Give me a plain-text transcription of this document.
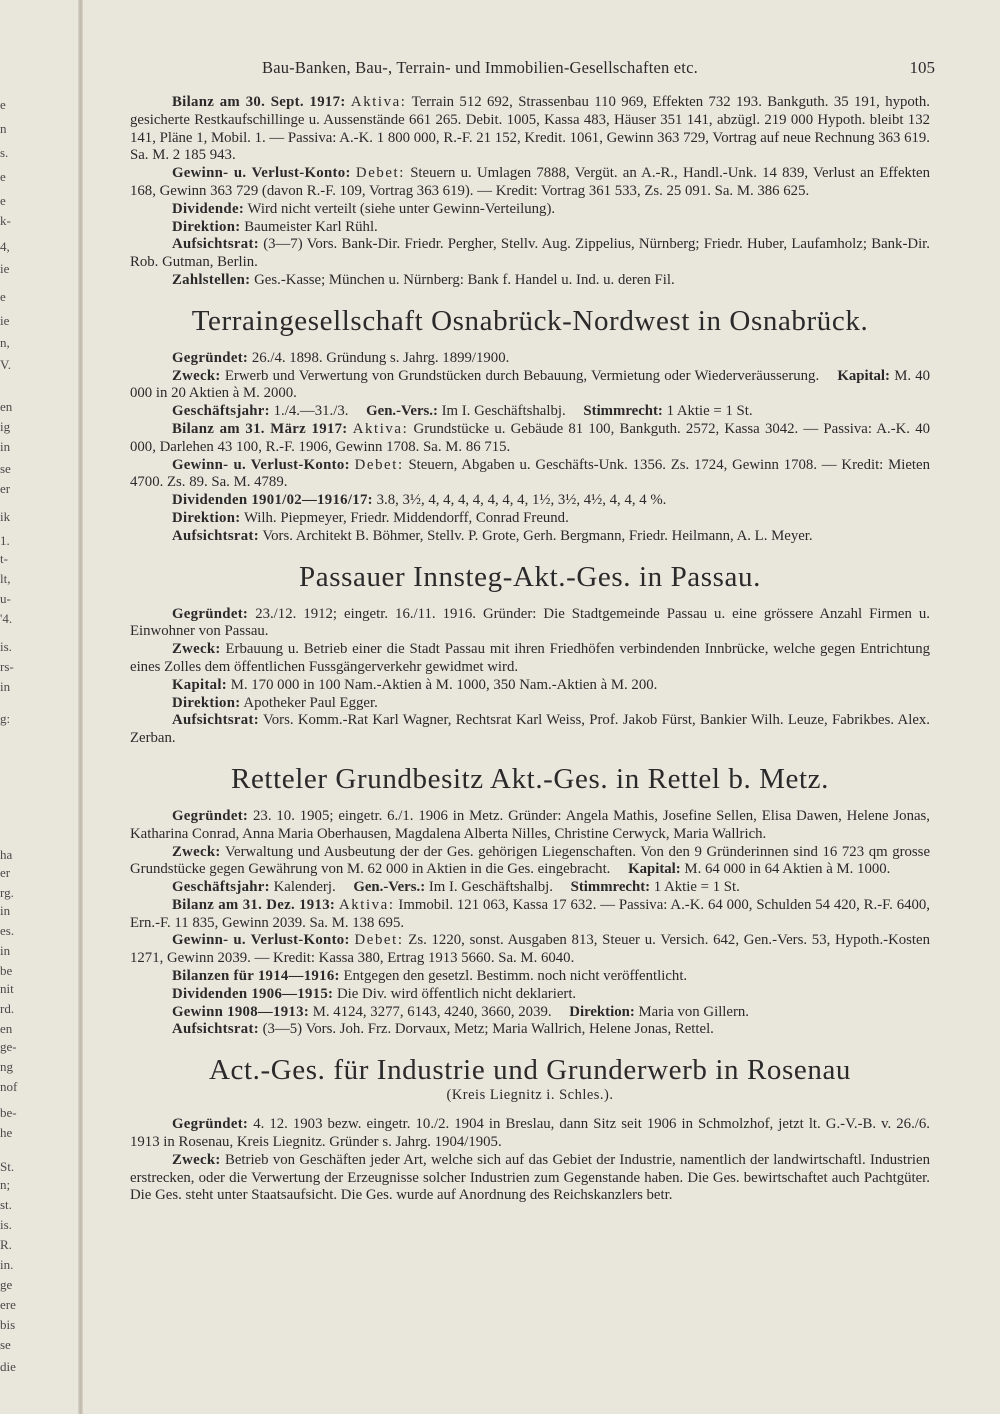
e
n
s.
e
e
k-
4,
ie
e
ie
n,
V.
en
ig
in
se
er
ik
1.
t-
lt,
u-
'4.
is.
rs-
in
g:
ha
er
rg.
in
es.
in
be
nit
rd.
en
ge-
ng
nof
be-
he
St.
n;
st.
is.
R.
in.
ge
ere
bis
se
die
Bau-Banken, Bau-, Terrain- und Immobilien-Gesellschaften etc.	105

Bilanz am 30. Sept. 1917: Aktiva: Terrain 512 692, Strassenbau 110 969, Effekten 732 193. Bankguth. 35 191, hypoth. gesicherte Restkaufschillinge u. Aussenstände 661 265. Debit. 1005, Kassa 483, Häuser 351 141, abzügl. 219 000 Hypoth. bleibt 132 141, Pläne 1, Mobil. 1. — Passiva: A.-K. 1 800 000, R.-F. 21 152, Kredit. 1061, Gewinn 363 729, Vortrag auf neue Rechnung 363 619. Sa. M. 2 185 943.

Gewinn- u. Verlust-Konto: Debet: Steuern u. Umlagen 7888, Vergüt. an A.-R., Handl.-Unk. 14 839, Verlust an Effekten 168, Gewinn 363 729 (davon R.-F. 109, Vortrag 363 619). — Kredit: Vortrag 361 533, Zs. 25 091. Sa. M. 386 625.

Dividende: Wird nicht verteilt (siehe unter Gewinn-Verteilung).

Direktion: Baumeister Karl Rühl.

Aufsichtsrat: (3—7) Vors. Bank-Dir. Friedr. Pergher, Stellv. Aug. Zippelius, Nürnberg; Friedr. Huber, Laufamholz; Bank-Dir. Rob. Gutman, Berlin.

Zahlstellen: Ges.-Kasse; München u. Nürnberg: Bank f. Handel u. Ind. u. deren Fil.

Terraingesellschaft Osnabrück-Nordwest in Osnabrück.

Gegründet: 26./4. 1898. Gründung s. Jahrg. 1899/1900.

Zweck: Erwerb und Verwertung von Grundstücken durch Bebauung, Vermietung oder Wiederveräusserung. Kapital: M. 40 000 in 20 Aktien à M. 2000.

Geschäftsjahr: 1./4.—31./3. Gen.-Vers.: Im I. Geschäftshalbj. Stimmrecht: 1 Aktie = 1 St.

Bilanz am 31. März 1917: Aktiva: Grundstücke u. Gebäude 81 100, Bankguth. 2572, Kassa 3042. — Passiva: A.-K. 40 000, Darlehen 43 100, R.-F. 1906, Gewinn 1708. Sa. M. 86 715.

Gewinn- u. Verlust-Konto: Debet: Steuern, Abgaben u. Geschäfts-Unk. 1356. Zs. 1724, Gewinn 1708. — Kredit: Mieten 4700. Zs. 89. Sa. M. 4789.

Dividenden 1901/02—1916/17: 3.8, 3½, 4, 4, 4, 4, 4, 4, 4, 1½, 3½, 4½, 4, 4, 4 %.

Direktion: Wilh. Piepmeyer, Friedr. Middendorff, Conrad Freund.

Aufsichtsrat: Vors. Architekt B. Böhmer, Stellv. P. Grote, Gerh. Bergmann, Friedr. Heilmann, A. L. Meyer.

Passauer Innsteg-Akt.-Ges. in Passau.

Gegründet: 23./12. 1912; eingetr. 16./11. 1916. Gründer: Die Stadtgemeinde Passau u. eine grössere Anzahl Firmen u. Einwohner von Passau.

Zweck: Erbauung u. Betrieb einer die Stadt Passau mit ihren Friedhöfen verbindenden Innbrücke, welche gegen Entrichtung eines Zolles dem öffentlichen Fussgängerverkehr gewidmet wird.

Kapital: M. 170 000 in 100 Nam.-Aktien à M. 1000, 350 Nam.-Aktien à M. 200.

Direktion: Apotheker Paul Egger.

Aufsichtsrat: Vors. Komm.-Rat Karl Wagner, Rechtsrat Karl Weiss, Prof. Jakob Fürst, Bankier Wilh. Leuze, Fabrikbes. Alex. Zerban.

Retteler Grundbesitz Akt.-Ges. in Rettel b. Metz.

Gegründet: 23. 10. 1905; eingetr. 6./1. 1906 in Metz. Gründer: Angela Mathis, Josefine Sellen, Elisa Dawen, Helene Jonas, Katharina Conrad, Anna Maria Oberhausen, Magdalena Alberta Nilles, Christine Cerwyck, Maria Wallrich.

Zweck: Verwaltung und Ausbeutung der der Ges. gehörigen Liegenschaften. Von den 9 Gründerinnen sind 16 723 qm grosse Grundstücke gegen Gewährung von M. 62 000 in Aktien in die Ges. eingebracht. Kapital: M. 64 000 in 64 Aktien à M. 1000.

Geschäftsjahr: Kalenderj. Gen.-Vers.: Im I. Geschäftshalbj. Stimmrecht: 1 Aktie = 1 St.

Bilanz am 31. Dez. 1913: Aktiva: Immobil. 121 063, Kassa 17 632. — Passiva: A.-K. 64 000, Schulden 54 420, R.-F. 6400, Ern.-F. 11 835, Gewinn 2039. Sa. M. 138 695.

Gewinn- u. Verlust-Konto: Debet: Zs. 1220, sonst. Ausgaben 813, Steuer u. Versich. 642, Gen.-Vers. 53, Hypoth.-Kosten 1271, Gewinn 2039. — Kredit: Kassa 380, Ertrag 1913 5660. Sa. M. 6040.

Bilanzen für 1914—1916: Entgegen den gesetzl. Bestimm. noch nicht veröffentlicht.

Dividenden 1906—1915: Die Div. wird öffentlich nicht deklariert.

Gewinn 1908—1913: M. 4124, 3277, 6143, 4240, 3660, 2039. Direktion: Maria von Gillern.

Aufsichtsrat: (3—5) Vors. Joh. Frz. Dorvaux, Metz; Maria Wallrich, Helene Jonas, Rettel.

Act.-Ges. für Industrie und Grunderwerb in Rosenau
(Kreis Liegnitz i. Schles.).

Gegründet: 4. 12. 1903 bezw. eingetr. 10./2. 1904 in Breslau, dann Sitz seit 1906 in Schmolzhof, jetzt lt. G.-V.-B. v. 26./6. 1913 in Rosenau, Kreis Liegnitz. Gründer s. Jahrg. 1904/1905.

Zweck: Betrieb von Geschäften jeder Art, welche sich auf das Gebiet der Industrie, namentlich der landwirtschaftl. Industrien erstrecken, oder die Verwertung der Erzeugnisse solcher Industrien zum Gegenstande haben. Die Ges. bewirtschaftet auch Pachtgüter. Die Ges. steht unter Staatsaufsicht. Die Ges. wurde auf Anordnung des Reichskanzlers betr.
